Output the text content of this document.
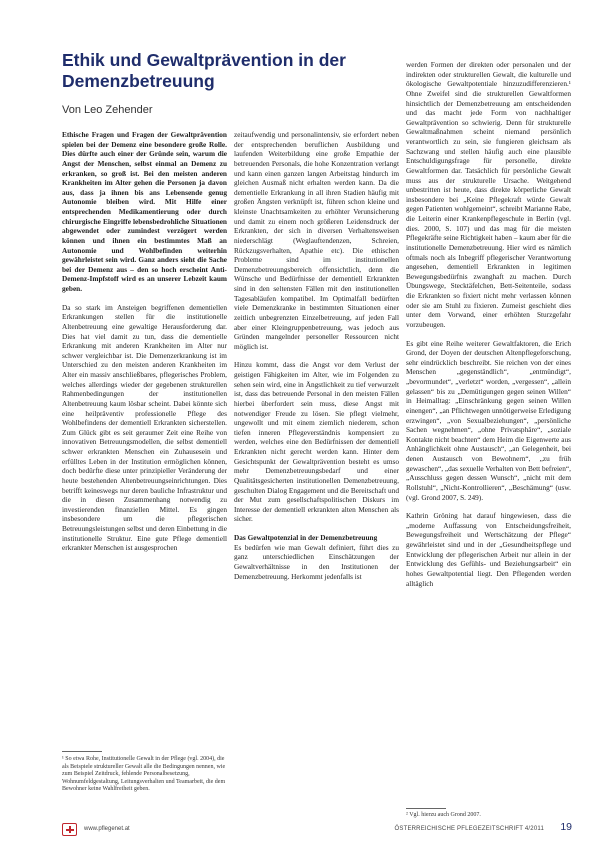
Ethik und Gewaltprävention in der Demenzbetreuung

Von Leo Zehender

Ethische Fragen und Fragen der Gewaltprävention spielen bei der Demenz eine besondere große Rolle. Dies dürfte auch einer der Gründe sein, warum die Angst der Menschen, selbst einmal an Demenz zu erkranken, so groß ist. Bei den meisten anderen Krankheiten im Alter gehen die Personen ja davon aus, dass ja ihnen bis ans Lebensende genug Autonomie bleiben wird. Mit Hilfe einer entsprechenden Medikamentierung oder durch chirurgische Eingriffe lebensbedrohliche Situationen abgewendet oder zumindest verzögert werden können und ihnen ein bestimmtes Maß an Autonomie und Wohlbefinden weiterhin gewährleistet sein wird. Ganz anders sieht die Sache bei der Demenz aus – den so hoch erscheint Anti-Demenz-Impfstoff wird es an unserer Lebzeit kaum geben.

Da so stark im Ansteigen begriffenen dementiellen Erkrankungen stellen für die institutionelle Altenbetreuung eine gewaltige Herausforderung dar. Dies hat viel damit zu tun, dass die dementielle Erkrankung mit anderen Krankheiten im Alter nur schwer vergleichbar ist. Die Demenzerkrankung ist im Unterschied zu den meisten anderen Krankheiten im Alter ein massiv anschließbares, pflegerisches Problem, welches allerdings wieder der gegebenen strukturellen Rahmenbedingungen der institutionellen Altenbetreuung kaum lösbar scheint. Dabei könnte sich eine heilpräventiv professionelle Pflege des Wohlbefindens der dementiell Erkrankten sicherstellen. Zum Glück gibt es seit geraumer Zeit eine Reihe von innovativen Betreuungsmodellen, die selbst dementiell schwer erkrankten Menschen ein Zuhausesein und erfülltes Leben in der Institution ermöglichen können, doch bedürfte diese unter prinzipieller Veränderung der heute bestehenden Altenbetreuungseinrichtungen. Dies betrifft keineswegs nur deren bauliche Infrastruktur und die in diesen Zusammenhang notwendig zu investierenden finanziellen Mittel. Es gingen insbesondere um die pflegerischen Betreuungsleistungen selbst und deren Einbettung in die institutionelle Struktur. Eine gute Pflege dementiell erkrankter Menschen ist ausgesprochen

zeitaufwendig und personalintensiv, sie erfordert neben der entsprechenden beruflichen Ausbildung und laufenden Weiterbildung eine große Empathie der betreuenden Personals, die hohe Konzentration verlangt und kann einen ganzen langen Arbeitstag hindurch im gleichen Ausmaß nicht erhalten werden kann. Da die dementielle Erkrankung in all ihren Stadien häufig mit großen Ängsten verknüpft ist, führen schon kleine und kleinste Unachtsamkeiten zu erhöhter Verunsicherung und damit zu einem noch größeren Leidensdruck der Erkrankten, der sich in diversen Verhaltensweisen niederschlägt (Weglauftendenzen, Schreien, Rückzugsverhalten, Apathie etc). Die ethischen Probleme sind im institutionellen Demenzbetreuungsbereich offensichtlich, denn die Wünsche und Bedürfnisse der dementiell Erkrankten sind in den seltensten Fällen mit den institutionellen Tagesabläufen kompatibel. Im Optimalfall bedürften viele Demenzkranke in bestimmten Situationen einer zeitlich unbegrenzten Einzelbetreuung, auf jeden Fall aber einer Kleingruppenbetreuung, was jedoch aus Gründen mangelnder personeller Ressourcen nicht möglich ist.

Hinzu kommt, dass die Angst vor dem Verlust der geistigen Fähigkeiten im Alter, wie im Folgenden zu sehen sein wird, eine in Ängstlichkeit zu tief verwurzelt ist, dass das betreuende Personal in den meisten Fällen hierbei überfordert sein muss, diese Angst mit notwendiger Freude zu lösen. Sie pflegt vielmehr, ungewollt und mit einem ziemlich niederem, schon tiefen inneren Pflegeverständnis kompensiert zu werden, welches eine den Bedürfnissen der dementiell Erkrankten nicht gerecht werden kann. Hinter dem Gesichtspunkt der Gewaltprävention besteht es umso mehr Demenzbetreuungsbedarf und einer Qualitätsgesicherten institutionellen Demenzbetreuung, geschulten Dialog Engagement und die Bereitschaft und der Mut zum gesellschaftspolitischen Diskurs im Interesse der dementiell erkrankten alten Menschen als sicher.

Das Gewaltpotenzial in der Demenzbetreuung

Es bedürfen wie man Gewalt definiert, führt dies zu ganz unterschiedlichen Einschätzungen der Gewaltverhältnisse in den Institutionen der Demenzbetreuung. Herkommt jedenfalls ist

werden Formen der direkten oder personalen und der indirekten oder strukturellen Gewalt, die kulturelle und ökologische Gewaltpotentiale hinzuzudifferenzieren.¹ Ohne Zweifel sind die strukturellen Gewaltformen hinsichtlich der Demenzbetreuung am entscheidenden und das macht jede Form von nachhaltiger Gewaltprävention so schwierig. Denn für strukturelle Gewaltmaßnahmen scheint niemand persönlich verantwortlich zu sein, sie fungieren gleichsam als Sachzwang und stellen häufig auch eine plausible Entschuldigungsfrage für personelle, direkte Gewaltformen dar. Tatsächlich für persönliche Gewalt muss aus der strukturelle Ursache. Weitgehend unbestritten ist heute, dass direkte körperliche Gewalt insbesondere bei „Keine Pflegekraft würde Gewalt gegen Patienten wohlgemeint“, schreibt Marianne Rabe, die Leiterin einer Krankenpflegeschule in Berlin (vgl. dies. 2000, S. 107) und das mag für die meisten Pflegekräfte seine Richtigkeit haben – kaum aber für die institutionelle Demenzbetreuung. Hier wird es nämlich oftmals noch als Inbegriff pflegerischer Verantwortung angesehen, dementiell Erkrankten in legitimen Bewegungsbedürfnis zwanghaft zu machen. Durch Übungswege, Stecktäfelchen, Bett-Seitenteile, sodass die Erkrankten so fixiert nicht mehr verlassen können oder sie am Stuhl zu fixieren. Zumeist geschieht dies unter dem Vorwand, einer erhöhten Sturzgefahr vorzubeugen.

Es gibt eine Reihe weiterer Gewaltfaktoren, die Erich Grond, der Doyen der deutschen Altenpflegeforschung, sehr eindrücklich beschreibt. Sie reichen von der eines Menschen „gegenständlich“, „entmündigt“, „bevormundet“, „verletzt“ worden, „vergessen“, „allein gelassen“ bis zu „Demütigungen gegen seinen Willen“ in Heimalltag: „Einschränkung gegen seinen Willen einengen“, „an Pflichtwegen unnötigerweise Erledigung erzwingen“, „von Sexualbeziehungen“, „persönliche Sachen wegnehmen“, „ohne Privatsphäre“, „soziale Kontakte nicht beachten“ dem Heim die Eigenwerte aus Anhänglichkeit ohne Austausch“, „an Gelegenheit, bei denen Austausch von Bewohnern“, „zu früh gewaschen“, „das sexuelle Verhalten von Bett befreien“, „Ausschluss gegen dessen Wunsch“, „nicht mit dem Rollstuhl“, „Nicht-Kontrollieren“, „Beschämung“ (usw. (vgl. Grond 2007, S. 249).

Kathrin Gröning hat darauf hingewiesen, dass die „moderne Auffassung von Entscheidungsfreiheit, Bewegungsfreiheit und Wertschätzung der Pflege“ gewährleistet sind und in der „Gesundheitspflege und Entwicklung der pflegerischen Arbeit nur allein in der Entwicklung des Gefühls- und Beziehungsarbeit“ ein hohes Gewaltpotential liegt. Den Pflegenden werden alltäglich

¹ So etwa Rohe, Institutionelle Gewalt in der Pflege (vgl. 2004), die als Beispiele struktureller Gewalt alle die Bedingungen nennen, wie zum Beispiel Zeitdruck, fehlende Personalbesetzung, Wohnumfeldgestaltung, Leitungsverhalten und Teamarbeit, die dem Bewohner keine Wahlfreiheit geben.
² Vgl. hierzu auch Grond 2007.
www.pflegenet.at	ÖSTERREICHISCHE PFLEGEZEITSCHRIFT 4/2011 19
